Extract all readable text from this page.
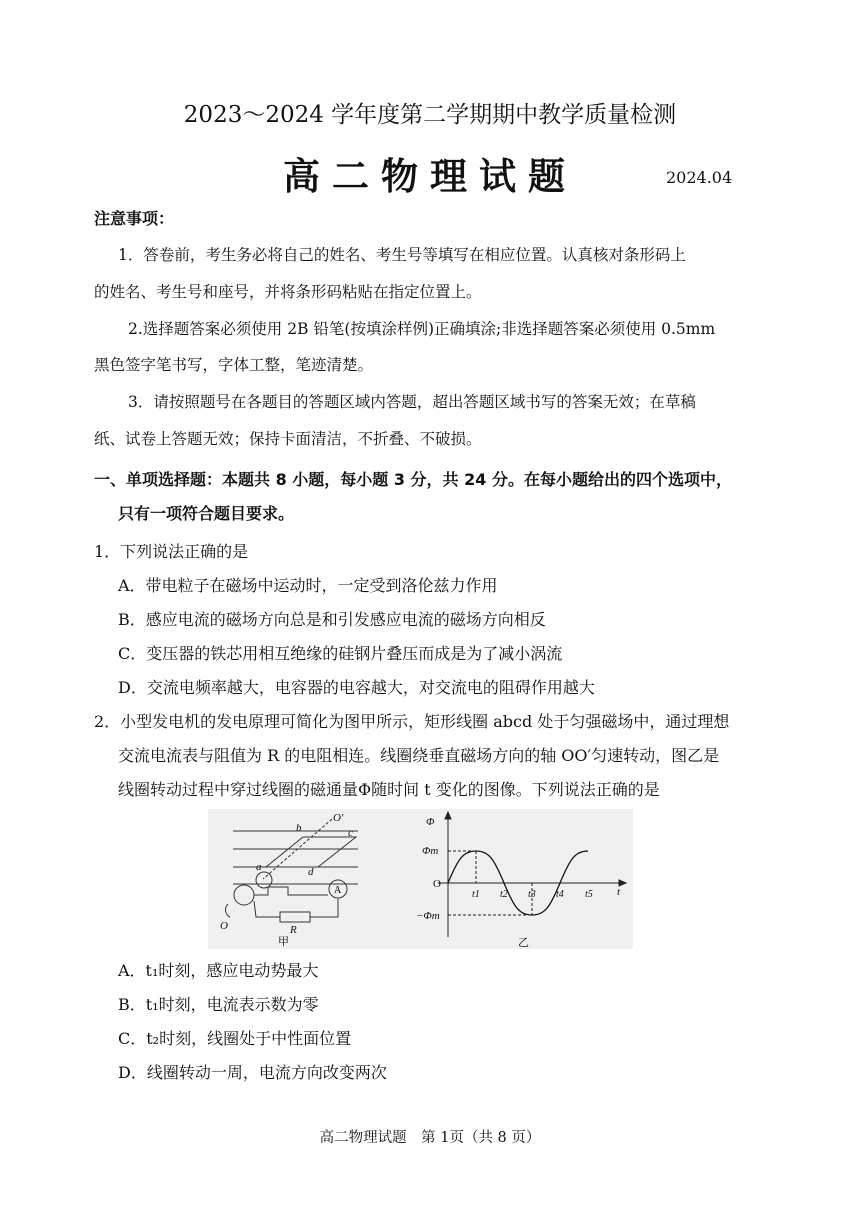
2023～2024 学年度第二学期期中教学质量检测
高二物理试题	2024.04
注意事项：
1．答卷前，考生务必将自己的姓名、考生号等填写在相应位置。认真核对条形码上
的姓名、考生号和座号，并将条形码粘贴在指定位置上。
2.选择题答案必须使用 2B 铅笔(按填涂样例)正确填涂;非选择题答案必须使用 0.5mm
黑色签字笔书写，字体工整，笔迹清楚。
3．请按照题号在各题目的答题区域内答题，超出答题区域书写的答案无效；在草稿
纸、试卷上答题无效；保持卡面清洁，不折叠、不破损。
一、单项选择题：本题共 8 小题，每小题 3 分，共 24 分。在每小题给出的四个选项中，
只有一项符合题目要求。
1．下列说法正确的是
A．带电粒子在磁场中运动时，一定受到洛伦兹力作用
B．感应电流的磁场方向总是和引发感应电流的磁场方向相反
C．变压器的铁芯用相互绝缘的硅钢片叠压而成是为了减小涡流
D．交流电频率越大，电容器的电容越大，对交流电的阻碍作用越大
2．小型发电机的发电原理可简化为图甲所示，矩形线圈 abcd 处于匀强磁场中，通过理想
交流电流表与阻值为 R 的电阻相连。线圈绕垂直磁场方向的轴 OO′匀速转动，图乙是
线圈转动过程中穿过线圈的磁通量Φ随时间 t 变化的图像。下列说法正确的是
O′
b	c
a	d
R
O
A
甲
Φ
Φm
O
−Φm
t
t1 t2 t3 t4 t5
乙
A．t₁时刻，感应电动势最大
B．t₁时刻，电流表示数为零
C．t₂时刻，线圈处于中性面位置
D．线圈转动一周，电流方向改变两次
高二物理试题　第 1页（共 8 页）
